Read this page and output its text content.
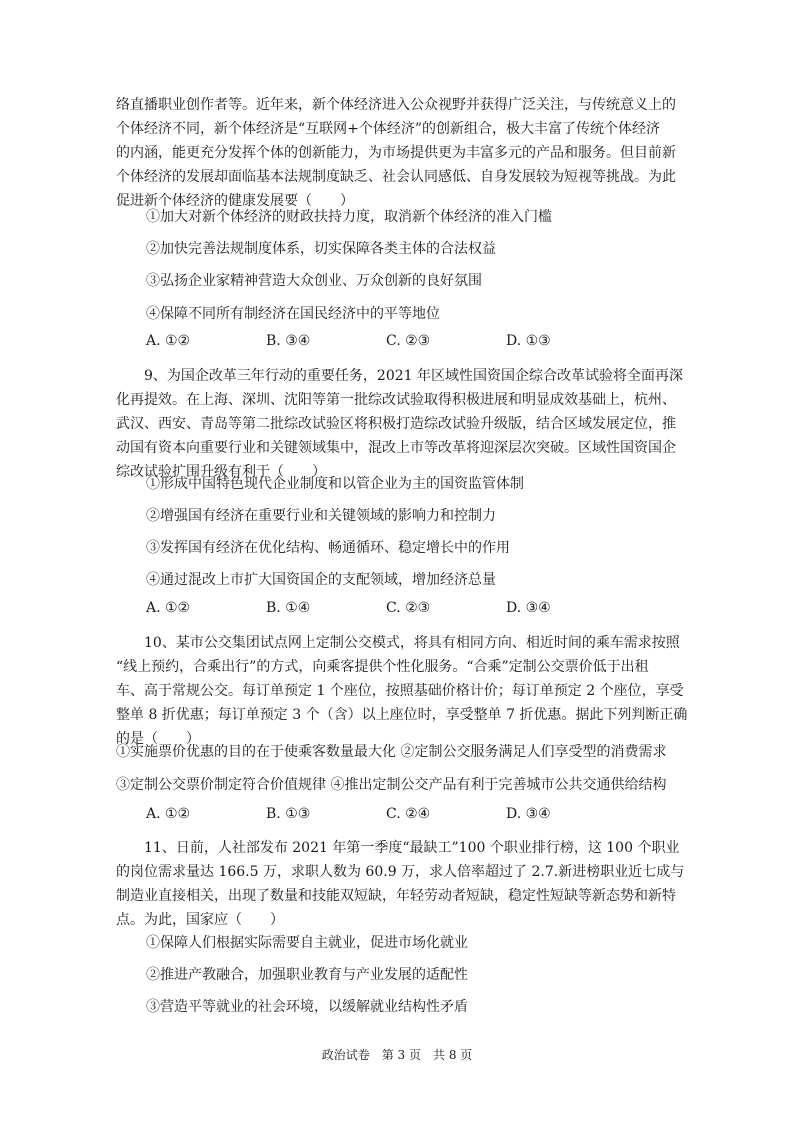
络直播职业创作者等。近年来，新个体经济进入公众视野并获得广泛关注，与传统意义上的
个体经济不同，新个体经济是“互联网+个体经济”的创新组合，极大丰富了传统个体经济
的内涵，能更充分发挥个体的创新能力，为市场提供更为丰富多元的产品和服务。但目前新
个体经济的发展却面临基本法规制度缺乏、社会认同感低、自身发展较为短视等挑战。为此
促进新个体经济的健康发展要（　　）
①加大对新个体经济的财政扶持力度，取消新个体经济的准入门槛
②加快完善法规制度体系，切实保障各类主体的合法权益
③弘扬企业家精神营造大众创业、万众创新的良好氛围
④保障不同所有制经济在国民经济中的平等地位
A. ①②	B. ③④	C. ②③	D. ①③
9、为国企改革三年行动的重要任务，2021 年区域性国资国企综合改革试验将全面再深
化再提效。在上海、深圳、沈阳等第一批综改试验取得积极进展和明显成效基础上，杭州、
武汉、西安、青岛等第二批综改试验区将积极打造综改试验升级版，结合区域发展定位，推
动国有资本向重要行业和关键领域集中，混改上市等改革将迎深层次突破。区域性国资国企
综改试验扩围升级有利于（　　）
①形成中国特色现代企业制度和以管企业为主的国资监管体制
②增强国有经济在重要行业和关键领域的影响力和控制力
③发挥国有经济在优化结构、畅通循环、稳定增长中的作用
④通过混改上市扩大国资国企的支配领域，增加经济总量
A. ①②	B. ①④	C. ②③	D. ③④
10、某市公交集团试点网上定制公交模式，将具有相同方向、相近时间的乘车需求按照
“线上预约，合乘出行”的方式，向乘客提供个性化服务。“合乘”定制公交票价低于出租
车、高于常规公交。每订单预定 1 个座位，按照基础价格计价；每订单预定 2 个座位，享受
整单 8 折优惠；每订单预定 3 个（含）以上座位时，享受整单 7 折优惠。据此下列判断正确
的是（　　）
①实施票价优惠的目的在于使乘客数量最大化 ②定制公交服务满足人们享受型的消费需求
③定制公交票价制定符合价值规律 ④推出定制公交产品有利于完善城市公共交通供给结构
A. ①②	B. ①③	C. ②④	D. ③④
11、日前，人社部发布 2021 年第一季度“最缺工”100 个职业排行榜，这 100 个职业
的岗位需求量达 166.5 万，求职人数为 60.9 万，求人倍率超过了 2.7.新进榜职业近七成与
制造业直接相关，出现了数量和技能双短缺，年轻劳动者短缺，稳定性短缺等新态势和新特
点。为此，国家应（　　）
①保障人们根据实际需要自主就业，促进市场化就业
②推进产教融合，加强职业教育与产业发展的适配性
③营造平等就业的社会环境，以缓解就业结构性矛盾
政治试卷　第 3 页　共 8 页
